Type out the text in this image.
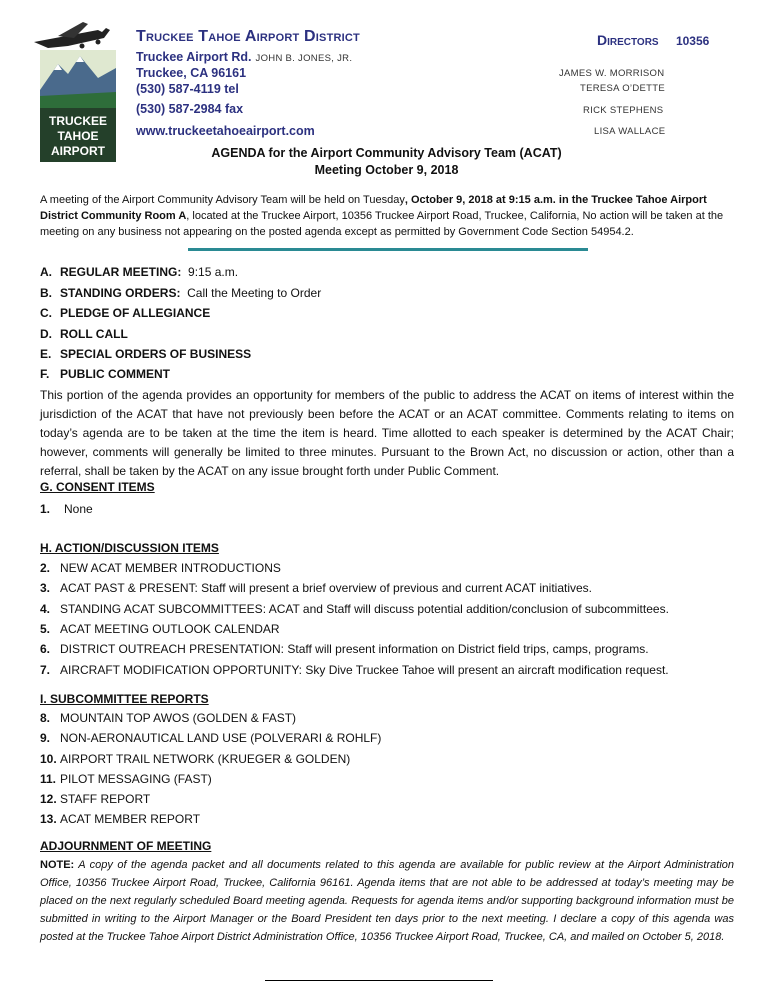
TRUCKEE
TAHOE
AIRPORT
Truckee Tahoe Airport District
Truckee Airport Rd. JOHN B. JONES, JR.
Truckee, CA 96161
(530) 587-4119 tel
(530) 587-2984 fax
www.truckeetahoeairport.com
Directors 10356
JAMES W. MORRISON
TERESA O’DETTE
RICK STEPHENS
LISA WALLACE
AGENDA for the Airport Community Advisory Team (ACAT)
Meeting October 9, 2018
A meeting of the Airport Community Advisory Team will be held on Tuesday, October 9, 2018 at 9:15 a.m. in the Truckee Tahoe Airport District Community Room A, located at the Truckee Airport, 10356 Truckee Airport Road, Truckee, California, No action will be taken at the meeting on any business not appearing on the posted agenda except as permitted by Government Code Section 54954.2.
A. REGULAR MEETING: 9:15 a.m.
B. STANDING ORDERS: Call the Meeting to Order
C. PLEDGE OF ALLEGIANCE
D. ROLL CALL
E. SPECIAL ORDERS OF BUSINESS
F. PUBLIC COMMENT
This portion of the agenda provides an opportunity for members of the public to address the ACAT on items of interest within the jurisdiction of the ACAT that have not previously been before the ACAT or an ACAT committee. Comments relating to items on today’s agenda are to be taken at the time the item is heard. Time allotted to each speaker is determined by the ACAT Chair; however, comments will generally be limited to three minutes. Pursuant to the Brown Act, no discussion or action, other than a referral, shall be taken by the ACAT on any issue brought forth under Public Comment.
G. CONSENT ITEMS
1. None
H. ACTION/DISCUSSION ITEMS
2. NEW ACAT MEMBER INTRODUCTIONS
3. ACAT PAST & PRESENT: Staff will present a brief overview of previous and current ACAT initiatives.
4. STANDING ACAT SUBCOMMITTEES: ACAT and Staff will discuss potential addition/conclusion of subcommittees.
5. ACAT MEETING OUTLOOK CALENDAR
6. DISTRICT OUTREACH PRESENTATION: Staff will present information on District field trips, camps, programs.
7. AIRCRAFT MODIFICATION OPPORTUNITY: Sky Dive Truckee Tahoe will present an aircraft modification request.
I. SUBCOMMITTEE REPORTS
8. MOUNTAIN TOP AWOS (GOLDEN & FAST)
9. NON-AERONAUTICAL LAND USE (POLVERARI & ROHLF)
10. AIRPORT TRAIL NETWORK (KRUEGER & GOLDEN)
11. PILOT MESSAGING (FAST)
12. STAFF REPORT
13. ACAT MEMBER REPORT
ADJOURNMENT OF MEETING
NOTE: A copy of the agenda packet and all documents related to this agenda are available for public review at the Airport Administration Office, 10356 Truckee Airport Road, Truckee, California 96161. Agenda items that are not able to be addressed at today’s meeting may be placed on the next regularly scheduled Board meeting agenda. Requests for agenda items and/or supporting background information must be submitted in writing to the Airport Manager or the Board President ten days prior to the next meeting. I declare a copy of this agenda was posted at the Truckee Tahoe Airport District Administration Office, 10356 Truckee Airport Road, Truckee, CA, and mailed on October 5, 2018.
